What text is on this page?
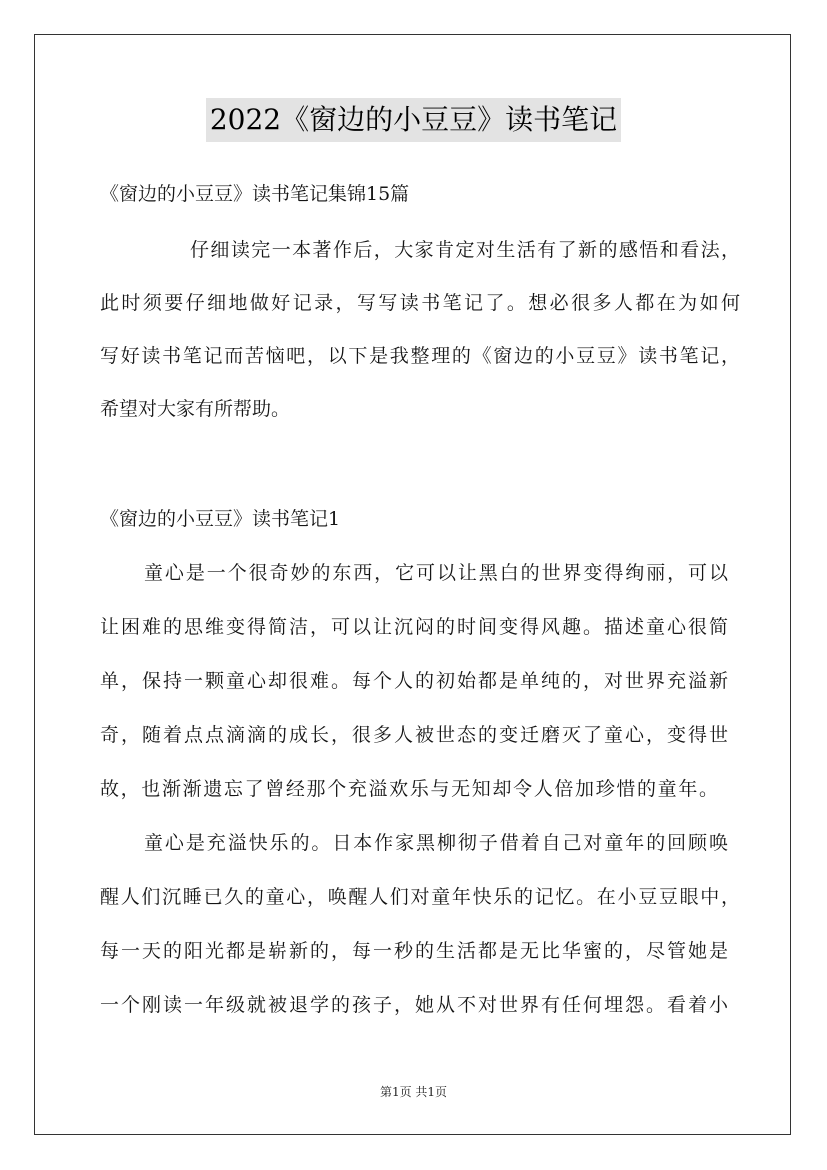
2022《窗边的小豆豆》读书笔记
《窗边的小豆豆》读书笔记集锦15篇
仔细读完一本著作后，大家肯定对生活有了新的感悟和看法，
此时须要仔细地做好记录，写写读书笔记了。想必很多人都在为如何
写好读书笔记而苦恼吧，以下是我整理的《窗边的小豆豆》读书笔记，
希望对大家有所帮助。
《窗边的小豆豆》读书笔记1
童心是一个很奇妙的东西，它可以让黑白的世界变得绚丽，可以
让困难的思维变得简洁，可以让沉闷的时间变得风趣。描述童心很简
单，保持一颗童心却很难。每个人的初始都是单纯的，对世界充溢新
奇，随着点点滴滴的成长，很多人被世态的变迁磨灭了童心，变得世
故，也渐渐遗忘了曾经那个充溢欢乐与无知却令人倍加珍惜的童年。
童心是充溢快乐的。日本作家黑柳彻子借着自己对童年的回顾唤
醒人们沉睡已久的童心，唤醒人们对童年快乐的记忆。在小豆豆眼中，
每一天的阳光都是崭新的，每一秒的生活都是无比华蜜的，尽管她是
一个刚读一年级就被退学的孩子，她从不对世界有任何埋怨。看着小
第1页 共1页
